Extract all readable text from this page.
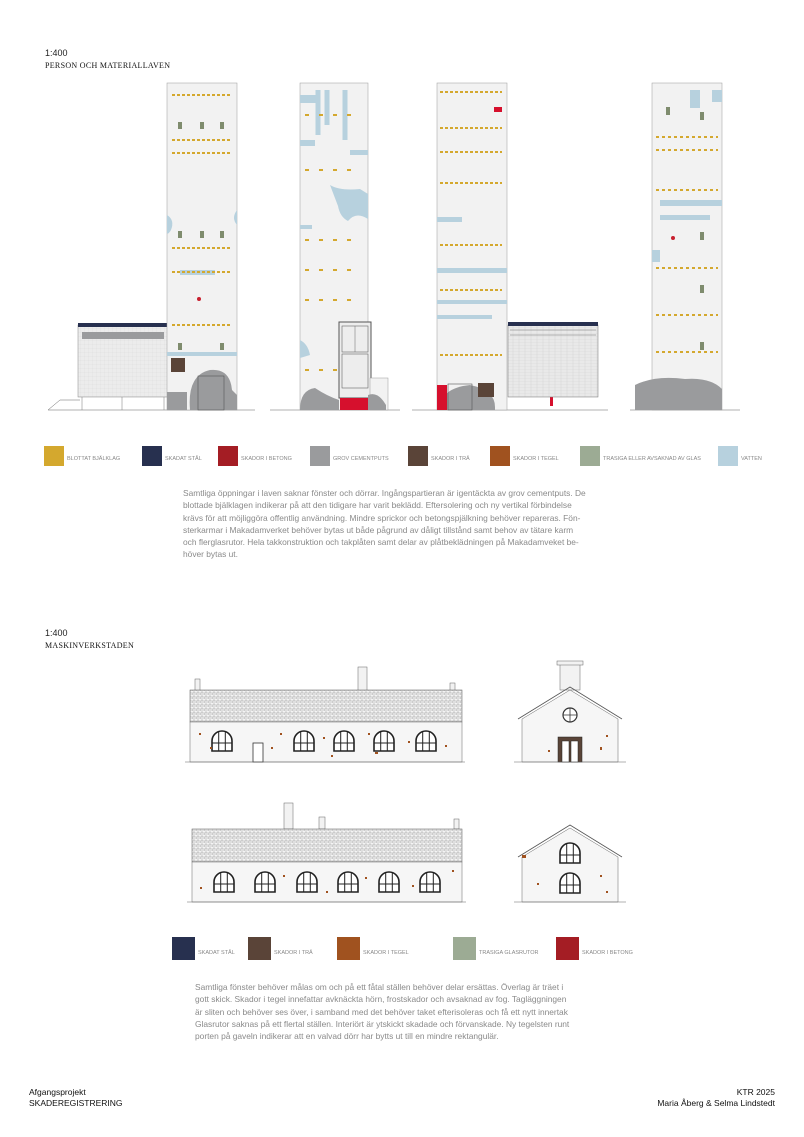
1:400
PERSON OCH MATERIALLAVEN
BLOTTAT BJÄLKLAG	SKADAT STÅL	SKADOR I BETONG	GROV CEMENTPUTS	SKADOR I TRÄ	SKADOR I TEGEL	TRASIGA ELLER AVSAKNAD AV GLAS	VATTEN
Samtliga öppningar i laven saknar fönster och dörrar. Ingångspartieran är igentäckta av grov cementputs. De
blottade bjälklagen indikerar på att den tidigare har varit beklädd. Eftersolering och ny vertikal förbindelse
krävs för att möjliggöra offentlig användning. Mindre sprickor och betongspjälkning behöver repareras. Fön-
sterkarmar i Makadamverket behöver bytas ut både pågrund av dåligt tillstånd samt behov av tätare karm
och flerglasrutor. Hela takkonstruktion och takplåten samt delar av plåtbeklädningen på Makadamveket be-
höver bytas ut.
1:400
MASKINVERKSTADEN
SKADAT STÅL	SKADOR I TRÄ	SKADOR I TEGEL	TRASIGA GLASRUTOR	SKADOR I BETONG
Samtliga fönster behöver målas om och på ett fåtal ställen behöver delar ersättas. Överlag är träet i
gott skick. Skador i tegel innefattar avknäckta hörn, frostskador och avsaknad av fog. Tagläggningen
är sliten och behöver ses över, i samband med det behöver taket efterisoleras och få ett nytt innertak
Glasrutor saknas på ett flertal ställen. Interiört är ytskickt skadade och förvanskade. Ny tegelsten runt
porten på gaveln indikerar att en valvad dörr har bytts ut till en mindre rektangulär.
Afgangsprojekt
SKADEREGISTRERING
KTR 2025
Maria Åberg & Selma Lindstedt
